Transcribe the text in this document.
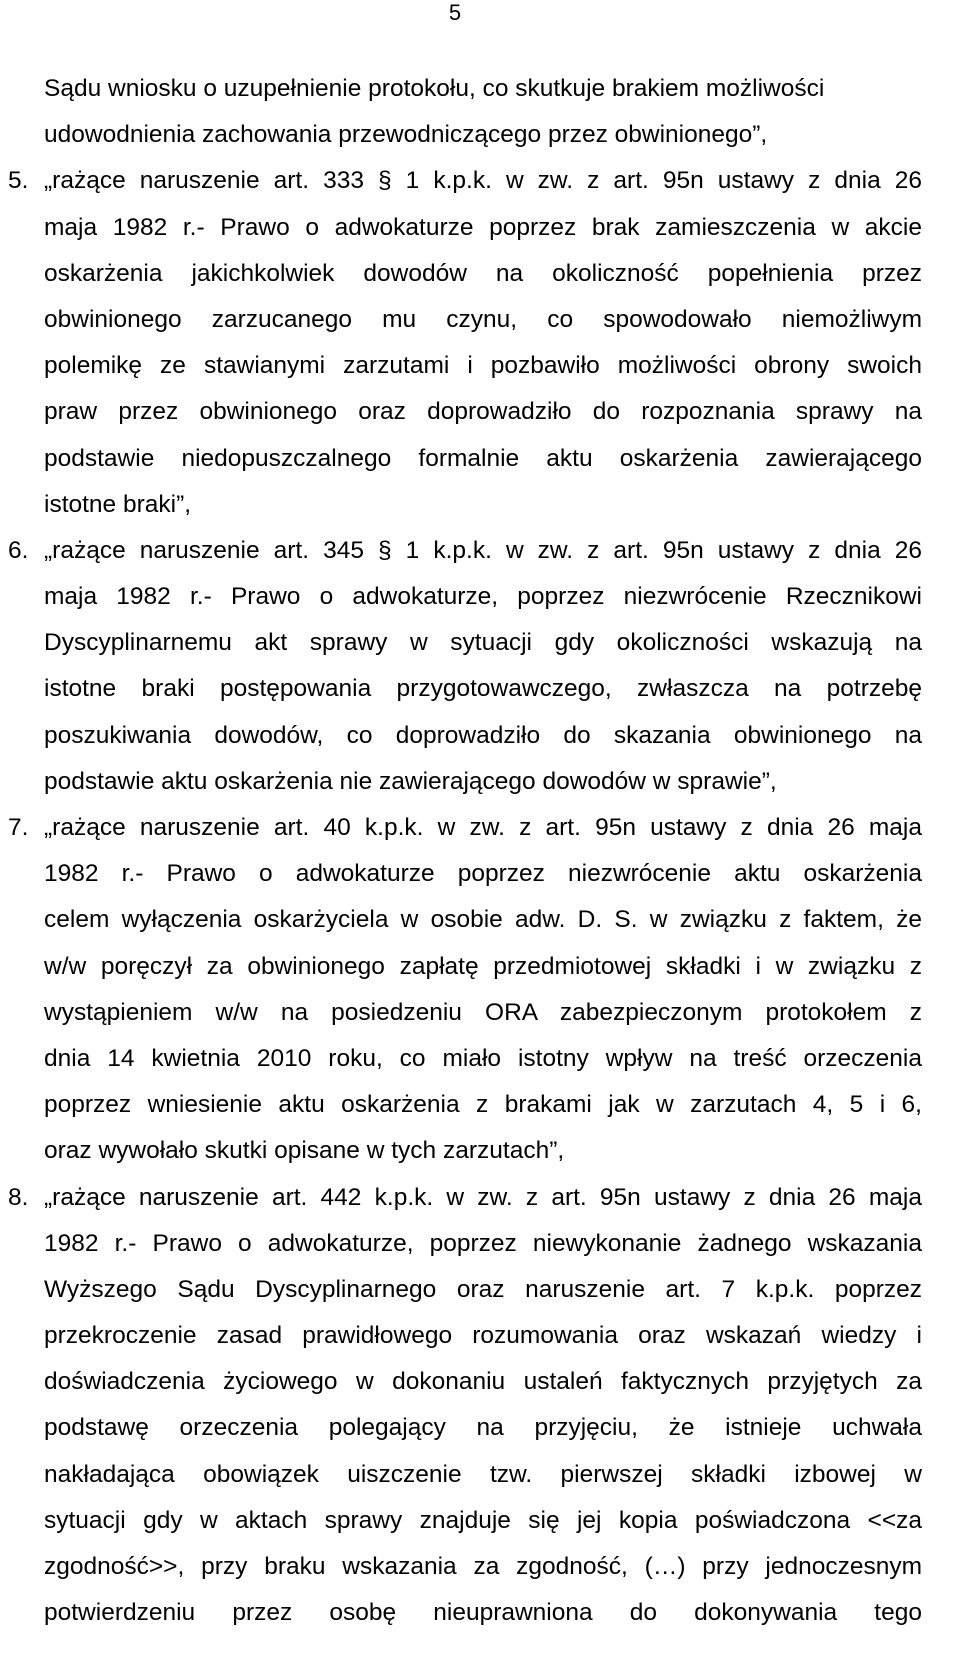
5
Sądu wniosku o uzupełnienie protokołu, co skutkuje brakiem możliwości
udowodnienia zachowania przewodniczącego przez obwinionego”,
5. „rażące naruszenie art. 333 § 1 k.p.k. w zw. z art. 95n ustawy z dnia 26
maja 1982 r.- Prawo o adwokaturze poprzez brak zamieszczenia w akcie
oskarżenia jakichkolwiek dowodów na okoliczność popełnienia przez
obwinionego zarzucanego mu czynu, co spowodowało niemożliwym
polemikę ze stawianymi zarzutami i pozbawiło możliwości obrony swoich
praw przez obwinionego oraz doprowadziło do rozpoznania sprawy na
podstawie niedopuszczalnego formalnie aktu oskarżenia zawierającego
istotne braki”,
6. „rażące naruszenie art. 345 § 1 k.p.k. w zw. z art. 95n ustawy z dnia 26
maja 1982 r.- Prawo o adwokaturze, poprzez niezwrócenie Rzecznikowi
Dyscyplinarnemu akt sprawy w sytuacji gdy okoliczności wskazują na
istotne braki postępowania przygotowawczego, zwłaszcza na potrzebę
poszukiwania dowodów, co doprowadziło do skazania obwinionego na
podstawie aktu oskarżenia nie zawierającego dowodów w sprawie”,
7. „rażące naruszenie art. 40 k.p.k. w zw. z art. 95n ustawy z dnia 26 maja
1982 r.- Prawo o adwokaturze poprzez niezwrócenie aktu oskarżenia
celem wyłączenia oskarżyciela w osobie adw. D. S. w związku z faktem, że
w/w poręczył za obwinionego zapłatę przedmiotowej składki i w związku z
wystąpieniem w/w na posiedzeniu ORA zabezpieczonym protokołem z
dnia 14 kwietnia 2010 roku, co miało istotny wpływ na treść orzeczenia
poprzez wniesienie aktu oskarżenia z brakami jak w zarzutach 4, 5 i 6,
oraz wywołało skutki opisane w tych zarzutach”,
8. „rażące naruszenie art. 442 k.p.k. w zw. z art. 95n ustawy z dnia 26 maja
1982 r.- Prawo o adwokaturze, poprzez niewykonanie żadnego wskazania
Wyższego Sądu Dyscyplinarnego oraz naruszenie art. 7 k.p.k. poprzez
przekroczenie zasad prawidłowego rozumowania oraz wskazań wiedzy i
doświadczenia życiowego w dokonaniu ustaleń faktycznych przyjętych za
podstawę orzeczenia polegający na przyjęciu, że istnieje uchwała
nakładająca obowiązek uiszczenie tzw. pierwszej składki izbowej w
sytuacji gdy w aktach sprawy znajduje się jej kopia poświadczona <<za
zgodność>>, przy braku wskazania za zgodność, (…) przy jednoczesnym
potwierdzeniu przez osobę nieuprawniona do dokonywania tego
